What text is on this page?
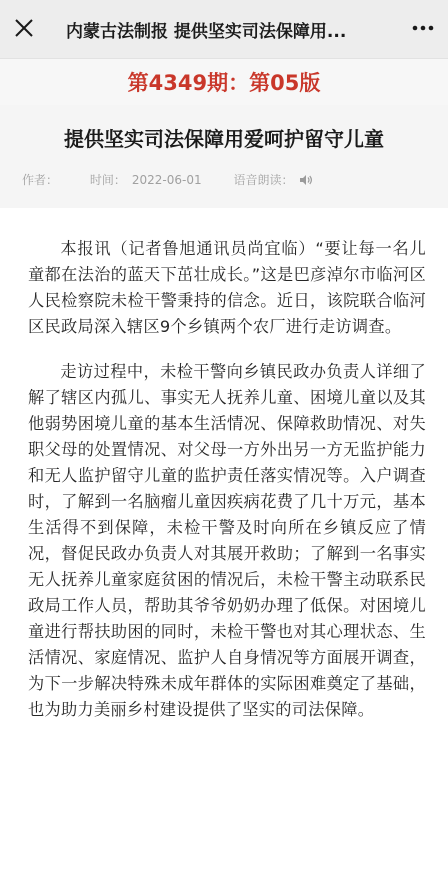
内蒙古法制报 提供坚实司法保障用...
第4349期：第05版
提供坚实司法保障用爱呵护留守儿童
作者：	时间： 2022-06-01	语音朗读：

本报讯（记者鲁旭通讯员尚宜临）“要让每一名儿童都在法治的蓝天下茁壮成长。”这是巴彦淖尔市临河区人民检察院未检干警秉持的信念。近日，该院联合临河区民政局深入辖区9个乡镇两个农厂进行走访调查。

走访过程中，未检干警向乡镇民政办负责人详细了解了辖区内孤儿、事实无人抚养儿童、困境儿童以及其他弱势困境儿童的基本生活情况、保障救助情况、对失职父母的处置情况、对父母一方外出另一方无监护能力和无人监护留守儿童的监护责任落实情况等。入户调查时，了解到一名脑瘤儿童因疾病花费了几十万元，基本生活得不到保障，未检干警及时向所在乡镇反应了情况，督促民政办负责人对其展开救助；了解到一名事实无人抚养儿童家庭贫困的情况后，未检干警主动联系民政局工作人员，帮助其爷爷奶奶办理了低保。对困境儿童进行帮扶助困的同时，未检干警也对其心理状态、生活情况、家庭情况、监护人自身情况等方面展开调查，为下一步解决特殊未成年群体的实际困难奠定了基础，也为助力美丽乡村建设提供了坚实的司法保障。
